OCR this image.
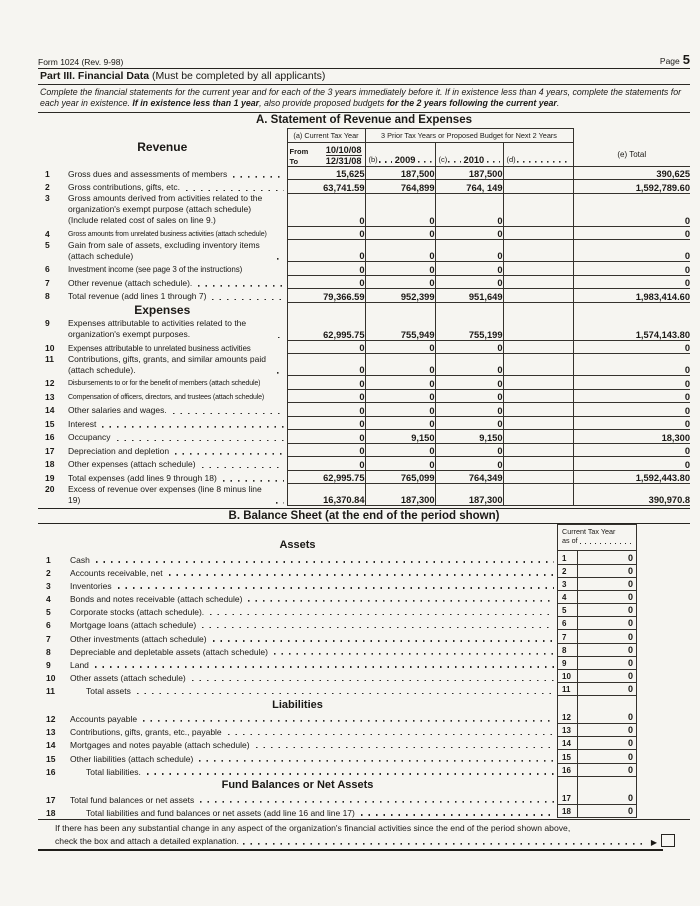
Form 1024 (Rev. 9-98)	Page 5
Part III. Financial Data (Must be completed by all applicants)
Complete the financial statements for the current year and for each of the 3 years immediately before it. If in existence less than 4 years, complete the statements for each year in existence. If in existence less than 1 year, also provide proposed budgets for the 2 years following the current year.
A. Statement of Revenue and Expenses
Revenue	(a) Current Tax Year	3 Prior Tax Years or Proposed Budget for Next 2 Years			

From 10/10/08
To	12/31/08	(b) 2009	(c) 2010	(d)
	(e) Total

1 Gross dues and assessments of members	15,625	187,500	187,500		390,625

2 Gross contributions, gifts, etc.	63,741.59	764,899	764, 149		1,592,789.60

3 Gross amounts derived from activities related to the organization's exempt purpose (attach schedule) (Include related cost of sales on line 9.)	0	0	0		0

4 Gross amounts from unrelated business activities (attach schedule)	0	0	0		0

5 Gain from sale of assets, excluding inventory items (attach schedule)	0	0	0		0

6 Investment income (see page 3 of the instructions)	0	0	0		0

7 Other revenue (attach schedule).	0	0	0		0

8 Total revenue (add lines 1 through 7)	79,366.59	952,399	951,649		1,983,414.60
Expenses					

9 Expenses attributable to activities related to the organization's exempt purposes.	62,995.75	755,949	755,199		1,574,143.80

10 Expenses attributable to unrelated business activities	0	0	0		0

11 Contributions, gifts, grants, and similar amounts paid (attach schedule).	0	0	0		0

12 Disbursements to or for the benefit of members (attach schedule)	0	0	0		0

13 Compensation of officers, directors, and trustees (attach schedule)	0	0	0		0

14 Other salaries and wages.	0	0	0		0

15 Interest	0	0	0		0

16 Occupancy	0	9,150	9,150		18,300

17 Depreciation and depletion	0	0	0		0

18 Other expenses (attach schedule)	0	0	0		0

19 Total expenses (add lines 9 through 18)	62,995.75	765,099	764,349		1,592,443.80

20 Excess of revenue over expenses (line 8 minus line 19)	16,370.84	187,300	187,300		390,970.8
B. Balance Sheet (at the end of the period shown)
Assets
Current Tax Year
as of
1	Cash	1	0
2	Accounts receivable, net	2	0
3	Inventories	3	0
4	Bonds and notes receivable (attach schedule)	4	0
5	Corporate stocks (attach schedule).	5	0
6	Mortgage loans (attach schedule)	6	0
7	Other investments (attach schedule)	7	0
8	Depreciable and depletable assets (attach schedule)	8	0
9	Land	9	0
10	Other assets (attach schedule)	10	0
11	Total assets	11	0
Liabilities
12	Accounts payable	12	0
13	Contributions, gifts, grants, etc., payable	13	0
14	Mortgages and notes payable (attach schedule)	14	0
15	Other liabilities (attach schedule)	15	0
16	Total liabilities.	16	0
Fund Balances or Net Assets
17	Total fund balances or net assets	17	0
18	Total liabilities and fund balances or net assets (add line 16 and line 17)	18	0
If there has been any substantial change in any aspect of the organization's financial activities since the end of the period shown above,
check the box and attach a detailed explanation.	▶
